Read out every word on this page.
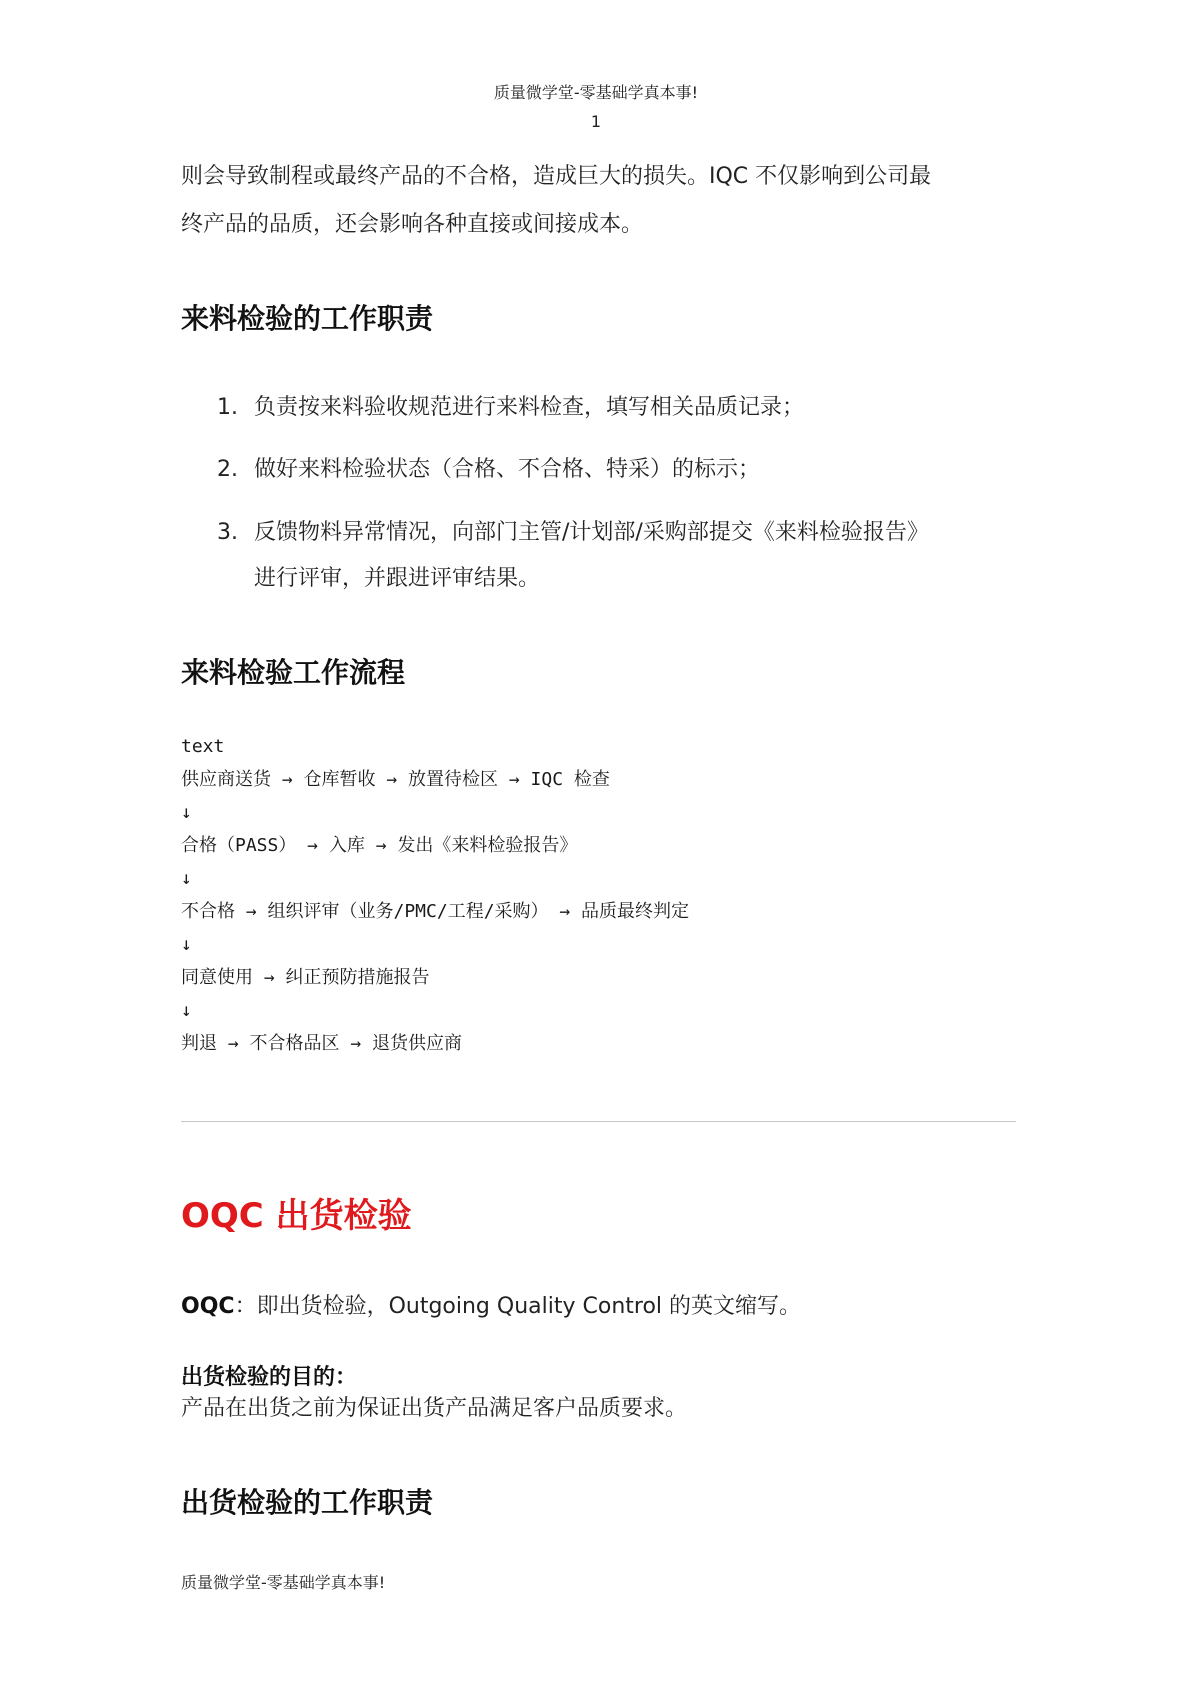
质量微学堂-零基础学真本事!

1

则会导致制程或最终产品的不合格，造成巨大的损失。IQC 不仅影响到公司最

终产品的品质，还会影响各种直接或间接成本。

来料检验的工作职责
1. 负责按来料验收规范进行来料检查，填写相关品质记录；
2. 做好来料检验状态（合格、不合格、特采）的标示；
3. 反馈物料异常情况，向部门主管/计划部/采购部提交《来料检验报告》
进行评审，并跟进评审结果。
来料检验工作流程
text
供应商送货 → 仓库暂收 → 放置待检区 → IQC 检查
↓
合格（PASS） → 入库 → 发出《来料检验报告》
↓
不合格 → 组织评审（业务/PMC/工程/采购） → 品质最终判定
↓
同意使用 → 纠正预防措施报告
↓
判退 → 不合格品区 → 退货供应商
OQC 出货检验

OQC：即出货检验，Outgoing Quality Control 的英文缩写。

出货检验的目的：

产品在出货之前为保证出货产品满足客户品质要求。

出货检验的工作职责

质量微学堂-零基础学真本事!
